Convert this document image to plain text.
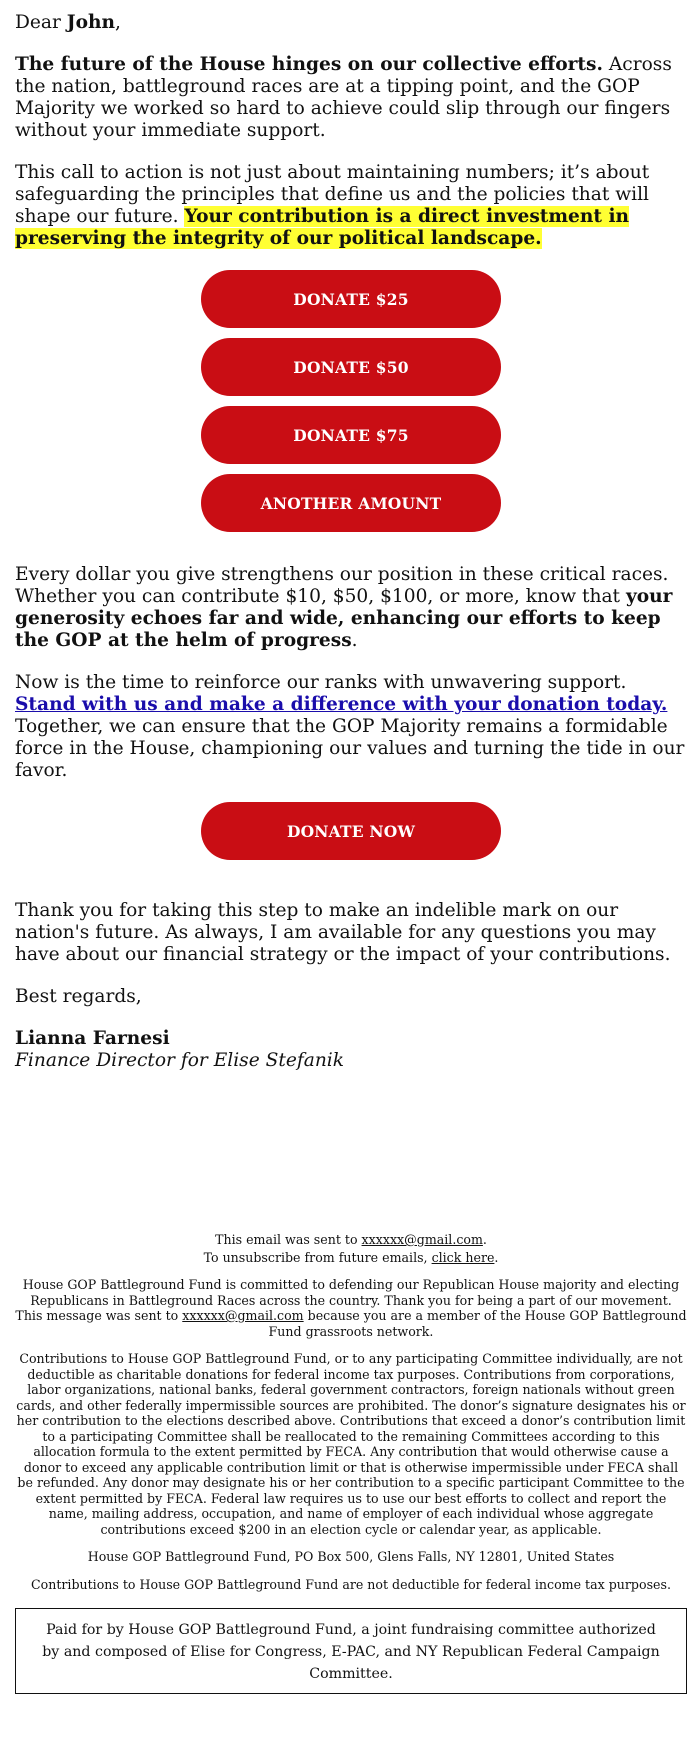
Dear John,

The future of the House hinges on our collective efforts. Across the nation, battleground races are at a tipping point, and the GOP Majority we worked so hard to achieve could slip through our fingers without your immediate support.

This call to action is not just about maintaining numbers; it’s about safeguarding the principles that define us and the policies that will shape our future. Your contribution is a direct investment in preserving the integrity of our political landscape.

DONATE $25
DONATE $50
DONATE $75
ANOTHER AMOUNT

Every dollar you give strengthens our position in these critical races. Whether you can contribute $10, $50, $100, or more, know that your generosity echoes far and wide, enhancing our efforts to keep the GOP at the helm of progress.

Now is the time to reinforce our ranks with unwavering support. Stand with us and make a difference with your donation today. Together, we can ensure that the GOP Majority remains a formidable force in the House, championing our values and turning the tide in our favor.

DONATE NOW

Thank you for taking this step to make an indelible mark on our nation's future. As always, I am available for any questions you may have about our financial strategy or the impact of your contributions.

Best regards,

Lianna Farnesi
Finance Director for Elise Stefanik

This email was sent to xxxxxx@gmail.com.

To unsubscribe from future emails, click here.

House GOP Battleground Fund is committed to defending our Republican House majority and electing Republicans in Battleground Races across the country. Thank you for being a part of our movement. This message was sent to xxxxxx@gmail.com because you are a member of the House GOP Battleground Fund grassroots network.

Contributions to House GOP Battleground Fund, or to any participating Committee individually, are not deductible as charitable donations for federal income tax purposes. Contributions from corporations, labor organizations, national banks, federal government contractors, foreign nationals without green cards, and other federally impermissible sources are prohibited. The donor’s signature designates his or her contribution to the elections described above. Contributions that exceed a donor’s contribution limit to a participating Committee shall be reallocated to the remaining Committees according to this allocation formula to the extent permitted by FECA. Any contribution that would otherwise cause a donor to exceed any applicable contribution limit or that is otherwise impermissible under FECA shall be refunded. Any donor may designate his or her contribution to a specific participant Committee to the extent permitted by FECA. Federal law requires us to use our best efforts to collect and report the name, mailing address, occupation, and name of employer of each individual whose aggregate contributions exceed $200 in an election cycle or calendar year, as applicable.

House GOP Battleground Fund, PO Box 500, Glens Falls, NY 12801, United States

Contributions to House GOP Battleground Fund are not deductible for federal income tax purposes.

Paid for by House GOP Battleground Fund, a joint fundraising committee authorized by and composed of Elise for Congress, E-PAC, and NY Republican Federal Campaign Committee.
